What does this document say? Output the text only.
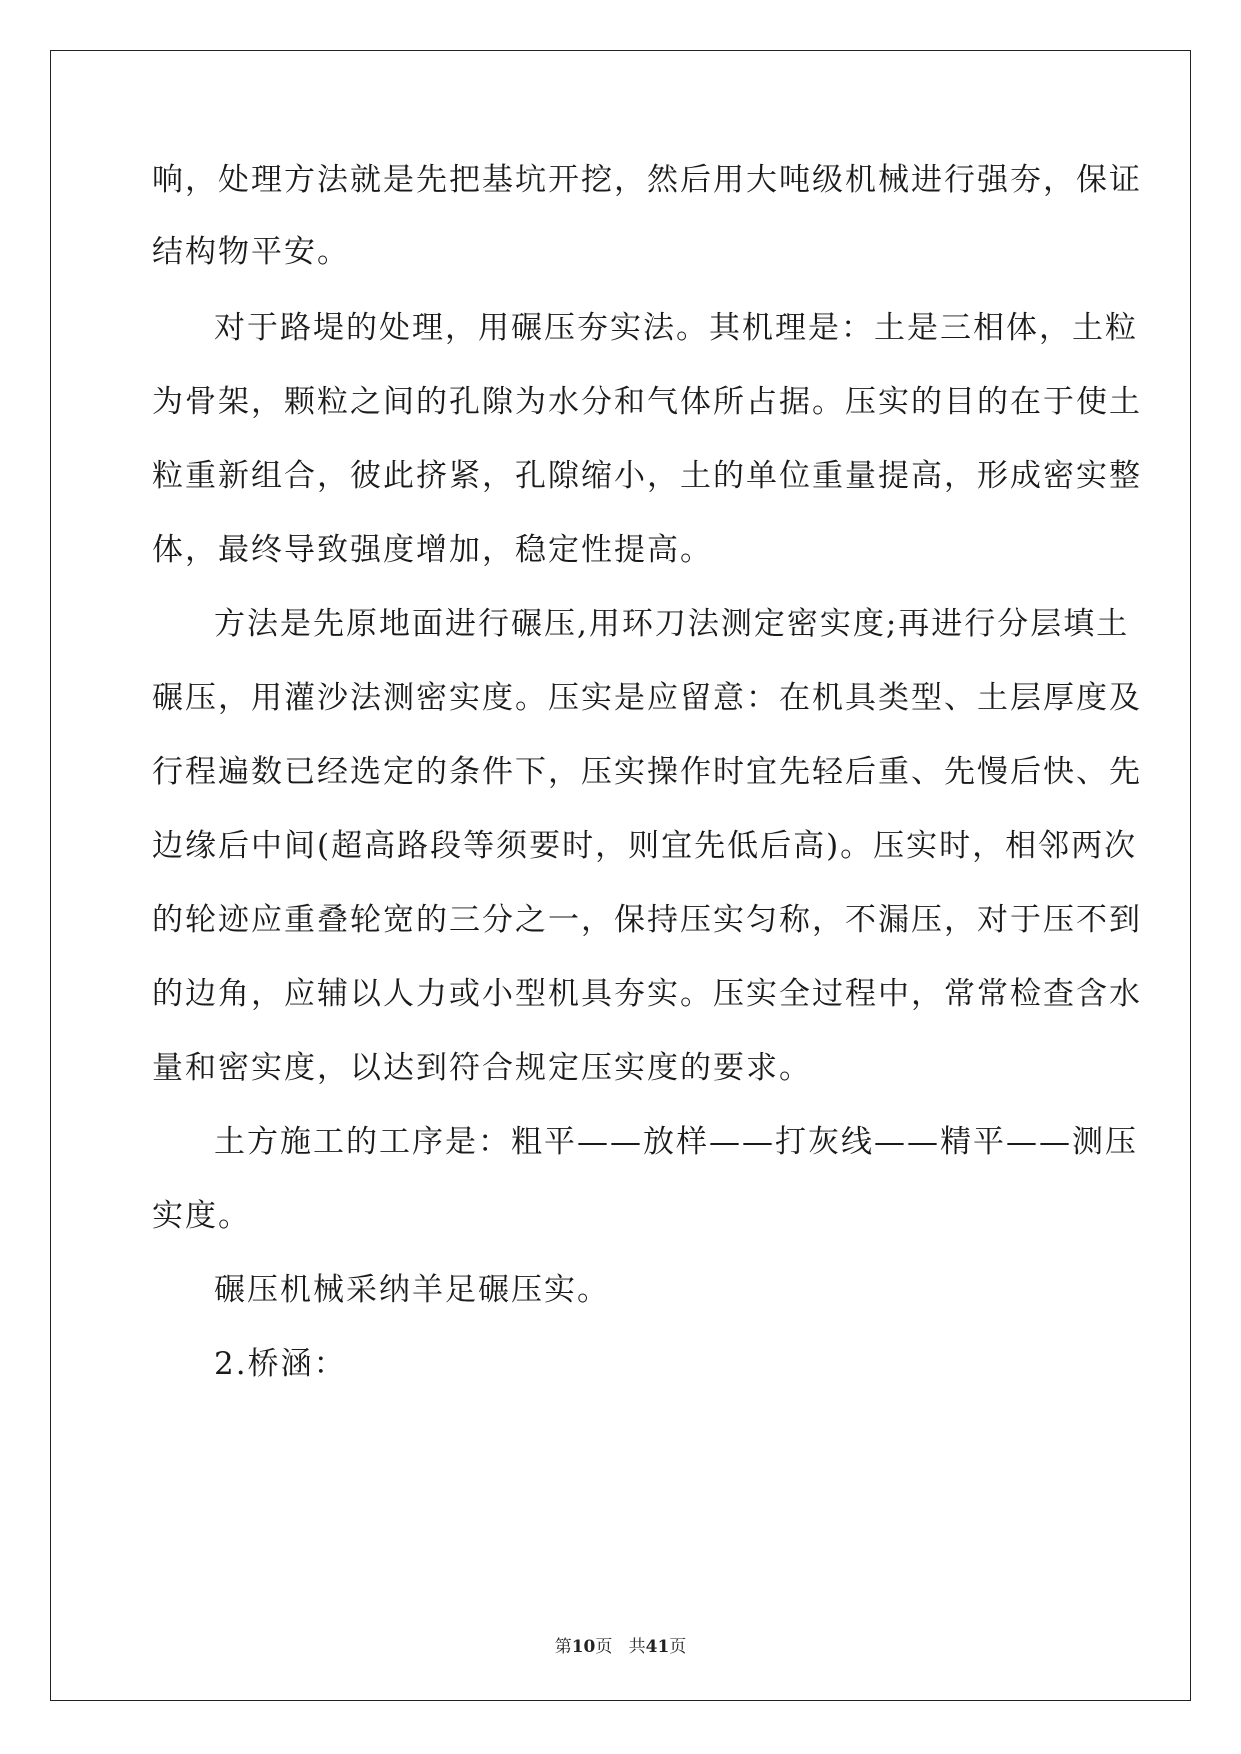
响，处理方法就是先把基坑开挖，然后用大吨级机械进行强夯，保证
结构物平安。
对于路堤的处理，用碾压夯实法。其机理是：土是三相体，土粒
为骨架，颗粒之间的孔隙为水分和气体所占据。压实的目的在于使土
粒重新组合，彼此挤紧，孔隙缩小，土的单位重量提高，形成密实整
体，最终导致强度增加，稳定性提高。
方法是先原地面进行碾压,用环刀法测定密实度;再进行分层填土
碾压，用灌沙法测密实度。压实是应留意：在机具类型、土层厚度及
行程遍数已经选定的条件下，压实操作时宜先轻后重、先慢后快、先
边缘后中间(超高路段等须要时，则宜先低后高)。压实时，相邻两次
的轮迹应重叠轮宽的三分之一，保持压实匀称，不漏压，对于压不到
的边角，应辅以人力或小型机具夯实。压实全过程中，常常检查含水
量和密实度，以达到符合规定压实度的要求。
土方施工的工序是：粗平——放样——打灰线——精平——测压
实度。
碾压机械采纳羊足碾压实。
2.桥涵：
第10页 共41页
